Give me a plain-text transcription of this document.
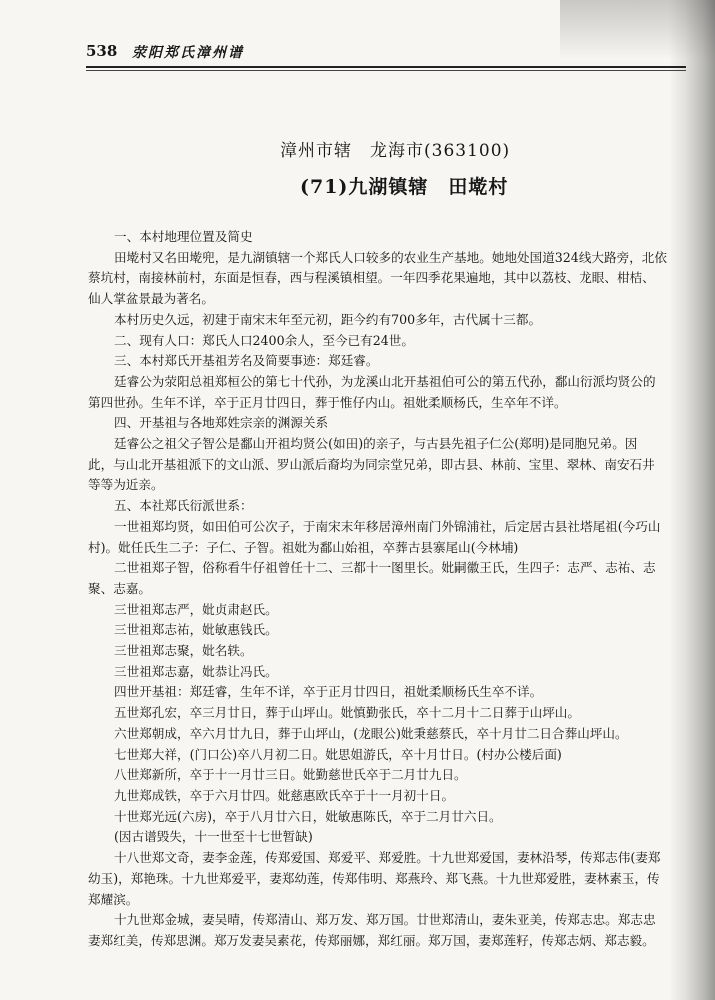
538 荥阳郑氏漳州谱
漳州市辖　龙海市(363100)
(71)九湖镇辖　田墘村

一、本村地理位置及简史

田墘村又名田墘兜，是九湖镇辖一个郑氏人口较多的农业生产基地。她地处国道324线大路旁，北依

蔡坑村，南接林前村，东面是恒春，西与程溪镇相望。一年四季花果遍地，其中以荔枝、龙眼、柑桔、

仙人掌盆景最为著名。

本村历史久远，初建于南宋末年至元初，距今约有700多年，古代属十三都。

二、现有人口：郑氏人口2400余人，至今已有24世。

三、本村郑氏开基祖芳名及简要事迹：郑廷睿。

廷睿公为荥阳总祖郑桓公的第七十代孙，为龙溪山北开基祖伯可公的第五代孙，鄱山衍派均贤公的

第四世孙。生年不详，卒于正月廿四日，葬于惟仔内山。祖妣柔顺杨氏，生卒年不详。

四、开基祖与各地郑姓宗亲的渊源关系

廷睿公之祖父子智公是鄱山开祖均贤公(如田)的亲子，与古县先祖子仁公(郑明)是同胞兄弟。因

此，与山北开基祖派下的文山派、罗山派后裔均为同宗堂兄弟，即古县、林前、宝里、翠林、南安石井

等等为近亲。

五、本社郑氏衍派世系：

一世祖郑均贤，如田伯可公次子，于南宋末年移居漳州南门外锦浦社，后定居古县社塔尾祖(今巧山

村)。妣任氏生二子：子仁、子智。祖妣为鄱山始祖，卒葬古县寨尾山(今林埔)

二世祖郑子智，俗称看牛仔祖曾任十二、三都十一图里长。妣嗣徽王氏，生四子：志严、志祐、志

聚、志嘉。

三世祖郑志严，妣贞肃赵氏。

三世祖郑志祐，妣敏惠钱氏。

三世祖郑志聚，妣名轶。

三世祖郑志嘉，妣恭让冯氏。

四世开基祖：郑廷睿，生年不详，卒于正月廿四日，祖妣柔顺杨氏生卒不详。

五世郑孔宏，卒三月廿日，葬于山坪山。妣慎勤张氏，卒十二月十二日葬于山坪山。

六世郑朝成，卒六月廿九日，葬于山坪山，(龙眼公)妣秉慈蔡氏，卒十月廿二日合葬山坪山。

七世郑大祥，(门口公)卒八月初二日。妣思姐游氏，卒十月廿日。(村办公楼后面)

八世郑新所，卒于十一月廿三日。妣勤慈世氏卒于二月廿九日。

九世郑成铁，卒于六月廿四。妣慈惠欧氏卒于十一月初十日。

十世郑光远(六房)，卒于八月廿六日，妣敏惠陈氏，卒于二月廿六日。

(因古谱毁失，十一世至十七世暂缺)

十八世郑文奇，妻李金莲，传郑爱国、郑爱平、郑爱胜。十九世郑爱国，妻林沿琴，传郑志伟(妻郑

幼玉)，郑艳珠。十九世郑爱平，妻郑幼莲，传郑伟明、郑燕玲、郑飞燕。十九世郑爱胜，妻林素玉，传

郑耀滨。

十九世郑金城，妻吴晴，传郑清山、郑万发、郑万国。廿世郑清山，妻朱亚美，传郑志忠。郑志忠

妻郑红美，传郑思渊。郑万发妻吴素花，传郑丽娜，郑红丽。郑万国，妻郑莲籽，传郑志炳、郑志毅。
